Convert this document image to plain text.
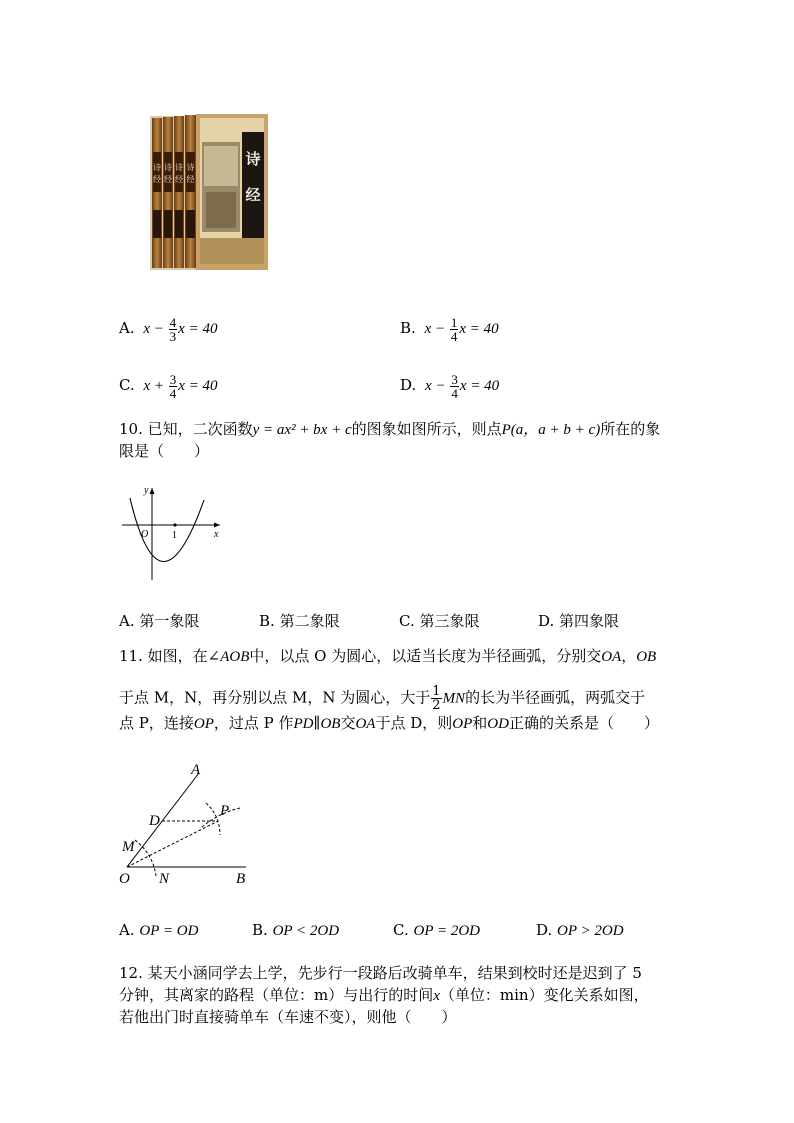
诗
经
诗
经
诗
经
诗
经
诗
经
A. $x - \frac{4}{3}$ x = 40	B. $x - \frac{1}{4}$ x = 40
C. $x + \frac{3}{4}$ x = 40	D. $x - \frac{3}{4}$ x = 40
10. 已知，二次函数y = ax² + bx + c的图象如图所示，则点P(a，a + b + c)所在的象
限是（　　）
y
x
O 1
A. 第一象限	B. 第二象限	C. 第三象限	D. 第四象限
11. 如图，在∠AOB中，以点 O 为圆心，以适当长度为半径画弧，分别交OA，OB
于点 M，N，再分别以点 M，N 为圆心，大于 $\frac{1}{2}$ MN的长为半径画弧，两弧交于
点 P，连接OP，过点 P 作PD∥OB交OA于点 D，则OP和OD正确的关系是（　　）
A
D
P
M
O N	B
A. OP = OD	B. OP < 2OD	C. OP = 2OD	D. OP > 2OD
12. 某天小涵同学去上学，先步行一段路后改骑单车，结果到校时还是迟到了 5
分钟，其离家的路程（单位：m）与出行的时间x（单位：min）变化关系如图，
若他出门时直接骑单车（车速不变），则他（　　）
